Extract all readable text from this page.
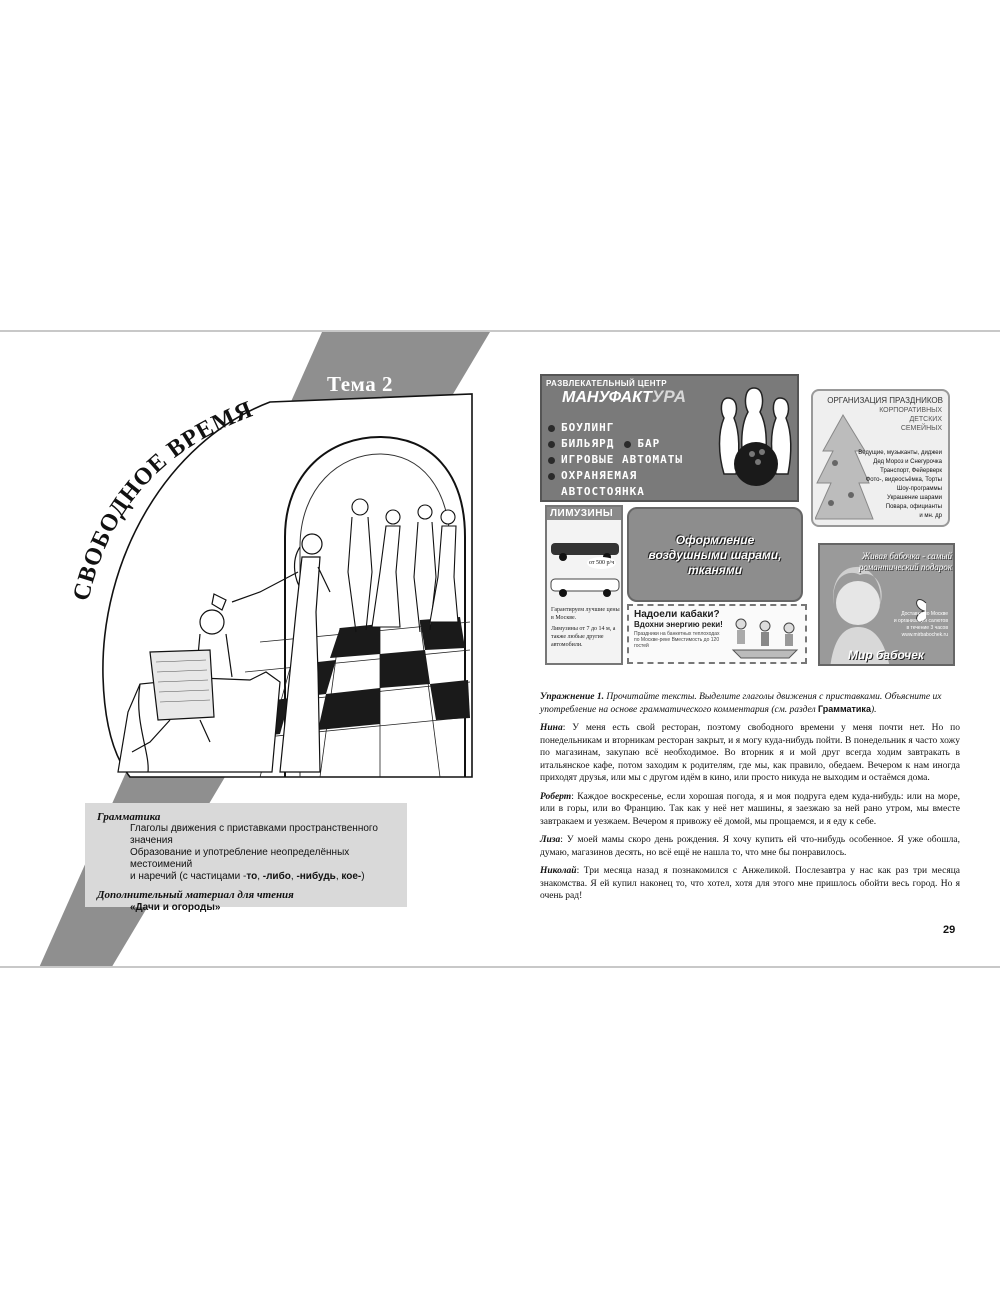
СВОБОДНОЕ ВРЕМЯ
Тема 2
Грамматика
Глаголы движения с приставками пространственного значения
Образование и употребление неопределённых местоимений
и наречий (с частицами -то, -либо, -нибудь, кое-)
Дополнительный материал для чтения
«Дачи и огороды»
РАЗВЛЕКАТЕЛЬНЫЙ ЦЕНТР
МАНУФАКТУРА
БОУЛИНГ
БИЛЬЯРД БАР
ИГРОВЫЕ АВТОМАТЫ
ОХРАНЯЕМАЯ
АВТОСТОЯНКА
ОРГАНИЗАЦИЯ ПРАЗДНИКОВ
КОРПОРАТИВНЫХ
ДЕТСКИХ
СЕМЕЙНЫХ
Ведущие, музыканты, диджеи
Дед Мороз и Снегурочка
Транспорт, Фейерверк
Фото-, видеосъёмка, Торты
Шоу-программы
Украшение шарами
Повара, официанты
и мн. др
ЛИМУЗИНЫ
от 500 р/ч
Гарантируем лучшие цены в Москве.
Лимузины от 7 до 14 м, а также любые другие автомобили.
Оформление
воздушными шарами,
тканями
Надоели кабаки?
Вдохни энергию реки!
Праздники на банкетных теплоходах по Москве-реке Вместимость до 120 гостей
Живая бабочка - самый романтический подарок
Доставка по Москве
и организация салютов
в течение 3 часов
www.mirbabochek.ru
Мир бабочек
Упражнение 1. Прочитайте тексты. Выделите глаголы движения с приставками. Объясните их употребление на основе грамматического комментария (см. раздел Грамматика).

Нина: У меня есть свой ресторан, поэтому свободного времени у меня почти нет. Но по понедельникам и вторникам ресторан закрыт, и я могу куда-нибудь пойти. В понедельник я часто хожу по магазинам, закупаю всё необходимое. Во вторник я и мой друг всегда ходим завтракать в итальянское кафе, потом заходим к родителям, где мы, как правило, обедаем. Вечером к нам иногда приходят друзья, или мы с другом идём в кино, или просто никуда не выходим и остаёмся дома.

Роберт: Каждое воскресенье, если хорошая погода, я и моя подруга едем куда-нибудь: или на море, или в горы, или во Францию. Так как у неё нет машины, я заезжаю за ней рано утром, мы вместе завтракаем и уезжаем. Вечером я привожу её домой, мы прощаемся, и я еду к себе.

Лиза: У моей мамы скоро день рождения. Я хочу купить ей что-нибудь особенное. Я уже обошла, думаю, магазинов десять, но всё ещё не нашла то, что мне бы понравилось.

Николай: Три месяца назад я познакомился с Анжеликой. Послезавтра у нас как раз три месяца знакомства. Я ей купил наконец то, что хотел, хотя для этого мне пришлось обойти весь город. Но я очень рад!

29
